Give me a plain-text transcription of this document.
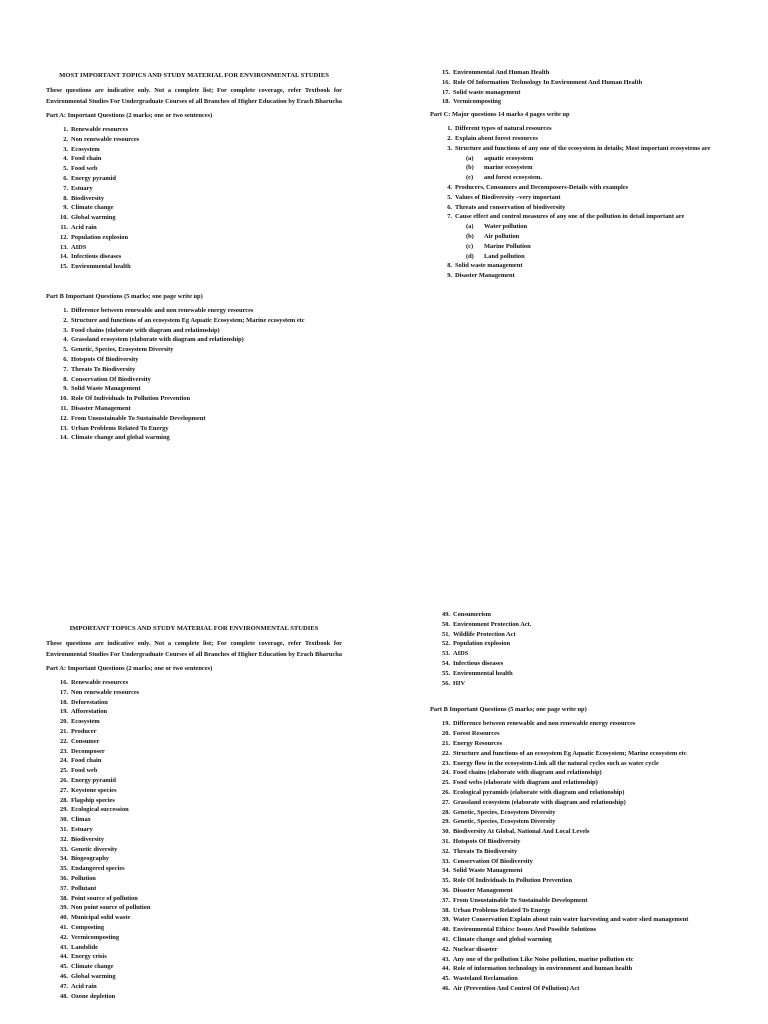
MOST IMPORTANT TOPICS AND STUDY MATERIAL FOR ENVIRONMENTAL STUDIES

These questions are indicative only. Not a complete list; For complete coverage, refer Textbook for Environmental Studies For Undergraduate Courses of all Branches of Higher Education by Erach Bharucha

Part A: Important Questions (2 marks; one or two sentences)

1. Renewable resources
2. Non renewable resources
3. Ecosystem
4. Food chain
5. Food web
6. Energy pyramid
7. Estuary
8. Biodiversity
9. Climate change
10. Global warming
11. Acid rain
12. Population explosion
13. AIDS
14. Infectious diseases
15. Environmental health

Part B Important Questions (5 marks; one page write up)

1. Difference between renewable and non renewable energy resources
2. Structure and functions of an ecosystem Eg Aquatic Ecosystem; Marine ecosystem etc
3. Food chains (elaborate with diagram and relationship)
4. Grassland ecosystem (elaborate with diagram and relationship)
5. Genetic, Species, Ecosystem Diversity
6. Hotspots Of Biodiversity
7. Threats To Biodiversity
8. Conservation Of Biodiversity
9. Solid Waste Management
10. Role Of Individuals In Pollution Prevention
11. Disaster Management
12. From Unsustainable To Sustainable Development
13. Urban Problems Related To Energy
14. Climate change and global warming
15. Environmental And Human Health
16. Role Of Information Technology In Environment And Human Health
17. Solid waste management
18. Vermicomposting

Part C: Major questions 14 marks 4 pages write up

1. Different types of natural resources
2. Explain about forest resources
3. Structure and functions of any one of the ecosystem in details; Most important ecosystems are
(a)	aquatic ecosystem
(b)	marine ecosystem
(c)	and forest ecosystem.
4. Producers, Consumers and Decomposers-Details with examples
5. Values of Biodiversity –very important
6. Threats and conservation of biodiversity
7. Cause effect and control measures of any one of the pollution in detail important are
(a)	Water pollution
(b)	Air pollution
(c)	Marine Pollution
(d)	Land pollution
8. Solid waste management
9. Disaster Management

IMPORTANT TOPICS AND STUDY MATERIAL FOR ENVIRONMENTAL STUDIES

These questions are indicative only. Not a complete list; For complete coverage, refer Textbook for Environmental Studies For Undergraduate Courses of all Branches of Higher Education by Erach Bharucha

Part A: Important Questions (2 marks; one or two sentences)

16. Renewable resources
17. Non renewable resources
18. Deforestation
19. Afforestation
20. Ecosystem
21. Producer
22. Consumer
23. Decomposer
24. Food chain
25. Food web
26. Energy pyramid
27. Keystone species
28. Flagship species
29. Ecological succession
30. Climax
31. Estuary
32. Biodiversity
33. Genetic diversity
34. Biogeography
35. Endangered species
36. Pollution
37. Pollutant
38. Point source of pollution
39. Non point source of pollution
40. Municipal solid waste
41. Composting
42. Vermicomposting
43. Landslide
44. Energy crisis
45. Climate change
46. Global warming
47. Acid rain
48. Ozone depletion
49. Consumerism
50. Environment Protection Act.
51. Wildlife Protection Act
52. Population explosion
53. AIDS
54. Infectious diseases
55. Environmental health
56. HIV

Part B Important Questions (5 marks; one page write up)

19. Difference between renewable and non renewable energy resources
20. Forest Resources
21. Energy Resources
22. Structure and functions of an ecosystem Eg Aquatic Ecosystem; Marine ecosystem etc
23. Energy flow in the ecosystem-Link all the natural cycles such as water cycle
24. Food chains (elaborate with diagram and relationship)
25. Food webs (elaborate with diagram and relationship)
26. Ecological pyramids (elaborate with diagram and relationship)
27. Grassland ecosystem (elaborate with diagram and relationship)
28. Genetic, Species, Ecosystem Diversity
29. Genetic, Species, Ecosystem Diversity
30. Biodiversity At Global, National And Local Levels
31. Hotspots Of Biodiversity
32. Threats To Biodiversity
33. Conservation Of Biodiversity
34. Solid Waste Management
35. Role Of Individuals In Pollution Prevention
36. Disaster Management
37. From Unsustainable To Sustainable Development
38. Urban Problems Related To Energy
39. Water Conservation Explain about rain water harvesting and water shed management
40. Environmental Ethics: Issues And Possible Solutions
41. Climate change and global warming
42. Nuclear disaster
43. Any one of the pollution Like Noise pollution, marine pollution etc
44. Role of information technology in environment and human health
45. Wasteland Reclamation
46. Air (Prevention And Control Of Pollution) Act
